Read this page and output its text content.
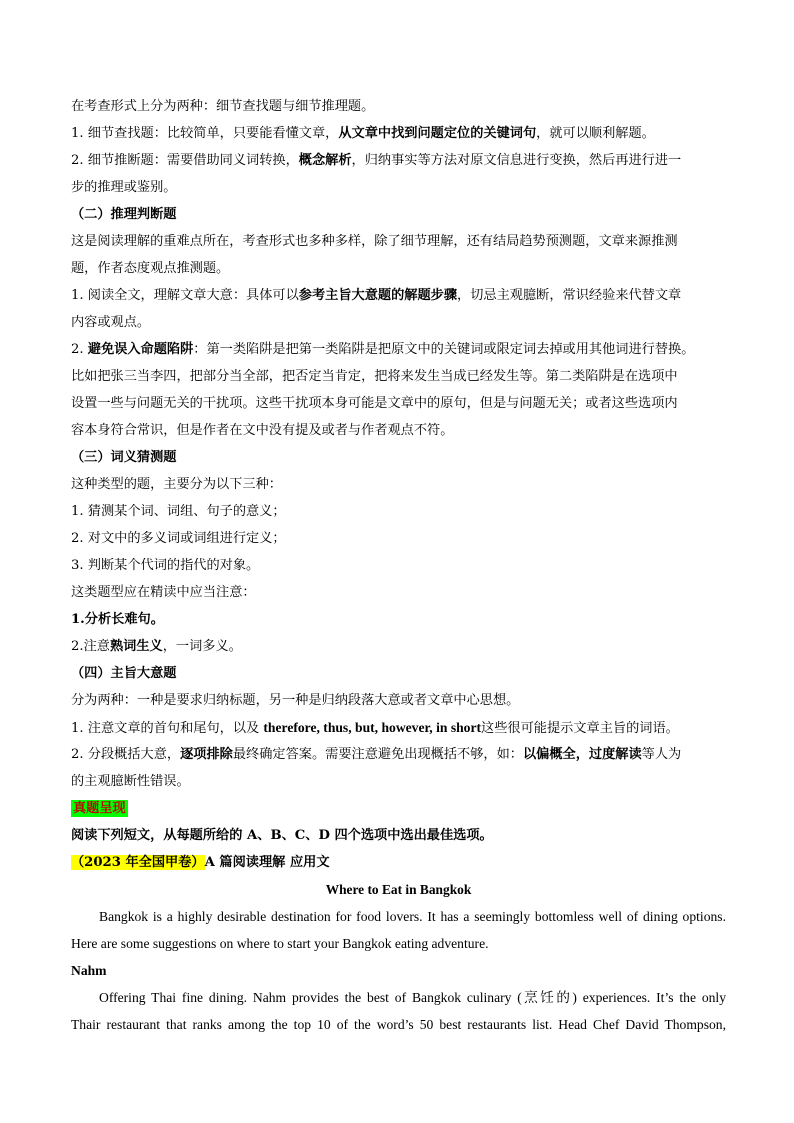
在考查形式上分为两种：细节查找题与细节推理题。
1. 细节查找题：比较简单，只要能看懂文章，从文章中找到问题定位的关键词句，就可以顺利解题。
2. 细节推断题：需要借助同义词转换，概念解析，归纳事实等方法对原文信息进行变换，然后再进行进一
步的推理或鉴别。
（二）推理判断题
这是阅读理解的重难点所在，考查形式也多种多样，除了细节理解，还有结局趋势预测题，文章来源推测
题，作者态度观点推测题。
1. 阅读全文，理解文章大意：具体可以参考主旨大意题的解题步骤，切忌主观臆断，常识经验来代替文章
内容或观点。
2. 避免误入命题陷阱：第一类陷阱是把第一类陷阱是把原文中的关键词或限定词去掉或用其他词进行替换。
比如把张三当李四，把部分当全部，把否定当肯定，把将来发生当成已经发生等。第二类陷阱是在选项中
设置一些与问题无关的干扰项。这些干扰项本身可能是文章中的原句，但是与问题无关；或者这些选项内
容本身符合常识，但是作者在文中没有提及或者与作者观点不符。
（三）词义猜测题
这种类型的题，主要分为以下三种：
1. 猜测某个词、词组、句子的意义；
2. 对文中的多义词或词组进行定义；
3. 判断某个代词的指代的对象。
这类题型应在精读中应当注意：
1.分析长难句。
2.注意熟词生义，一词多义。
（四）主旨大意题
分为两种：一种是要求归纳标题，另一种是归纳段落大意或者文章中心思想。
1. 注意文章的首句和尾句，以及 therefore, thus, but, however, in short这些很可能提示文章主旨的词语。
2. 分段概括大意，逐项排除最终确定答案。需要注意避免出现概括不够，如：以偏概全，过度解读等人为
的主观臆断性错误。
真题呈现
阅读下列短文，从每题所给的 A、B、C、D 四个选项中选出最佳选项。
（2023 年全国甲卷）A 篇阅读理解 应用文
Where to Eat in Bangkok
Bangkok is a highly desirable destination for food lovers. It has a seemingly bottomless well of dining options.
Here are some suggestions on where to start your Bangkok eating adventure.
Nahm
Offering Thai fine dining. Nahm provides the best of Bangkok culinary (烹饪的) experiences. It’s the only
Thair restaurant that ranks among the top 10 of the word’s 50 best restaurants list. Head Chef David Thompson,
